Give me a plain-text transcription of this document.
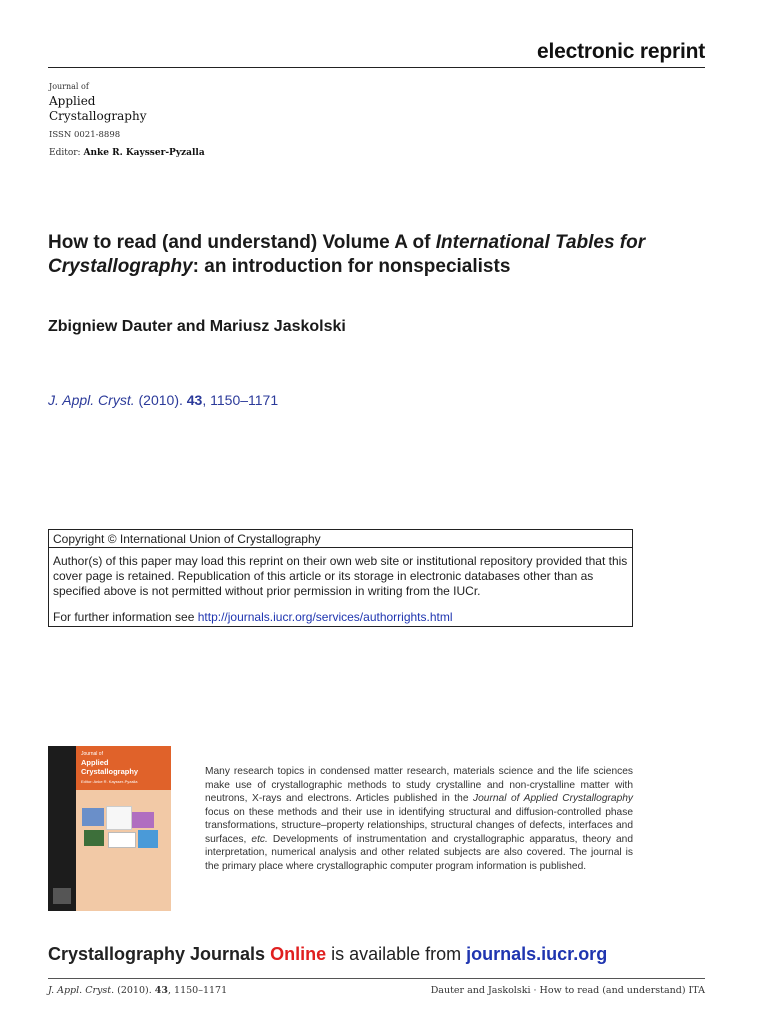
electronic reprint
Journal of
Applied
Crystallography
ISSN 0021-8898
Editor: Anke R. Kaysser-Pyzalla
How to read (and understand) Volume A of International Tables for Crystallography: an introduction for nonspecialists
Zbigniew Dauter and Mariusz Jaskolski
J. Appl. Cryst. (2010). 43, 1150–1171
Copyright © International Union of Crystallography
Author(s) of this paper may load this reprint on their own web site or institutional repository provided that this cover page is retained. Republication of this article or its storage in electronic databases other than as specified above is not permitted without prior permission in writing from the IUCr.
For further information see http://journals.iucr.org/services/authorrights.html
Journal of
Applied
Crystallography
Editor: Anke R. Kaysser-Pyzalla
Many research topics in condensed matter research, materials science and the life sciences make use of crystallographic methods to study crystalline and non-crystalline matter with neutrons, X-rays and electrons. Articles published in the Journal of Applied Crystallography focus on these methods and their use in identifying structural and diffusion-controlled phase transformations, structure–property relationships, structural changes of defects, interfaces and surfaces, etc. Developments of instrumentation and crystallographic apparatus, theory and interpretation, numerical analysis and other related subjects are also covered. The journal is the primary place where crystallographic computer program information is published.
Crystallography Journals Online is available from journals.iucr.org
J. Appl. Cryst. (2010). 43, 1150–1171	Dauter and Jaskolski · How to read (and understand) ITA
